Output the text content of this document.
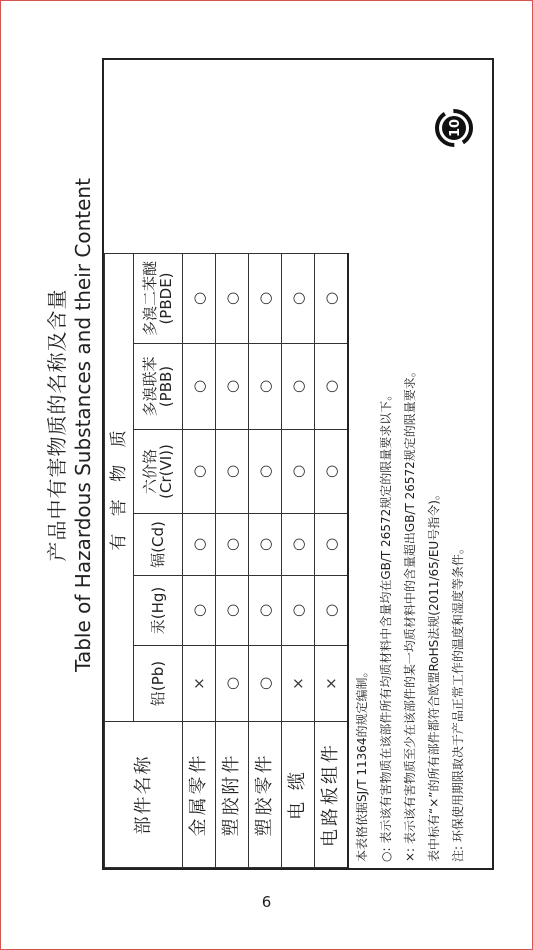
产品中有害物质的名称及含量 Table of Hazardous Substances and their Content
部件名称	有 害 物 质					
	铅(Pb)	汞(Hg)	镉(Cd)	六价铬 (Cr(VI))	多溴联苯 (PBB)	多溴二苯醚 (PBDE)
金属零件	×	○	○	○	○	○
塑胶附件	○	○	○	○	○	○
塑胶零件	○	○	○	○	○	○
电 缆	×	○	○	○	○	○
电路板组件	×	○	○	○	○	○
本表格依据SJ/T 11364的规定编制。 ○: 表示该有害物质在该部件所有均质材料中含量均在GB/T 26572规定的限量要求以下。 ×: 表示该有害物质至少在该部件的某一均质材料中的含量超出GB/T 26572规定的限量要求。 表中标有“×”的所有部件都符合欧盟RoHS法规(2011/65/EU号指令)。 注: 环保使用期限取决于产品正常工作的温度和湿度等条件。
10
6
